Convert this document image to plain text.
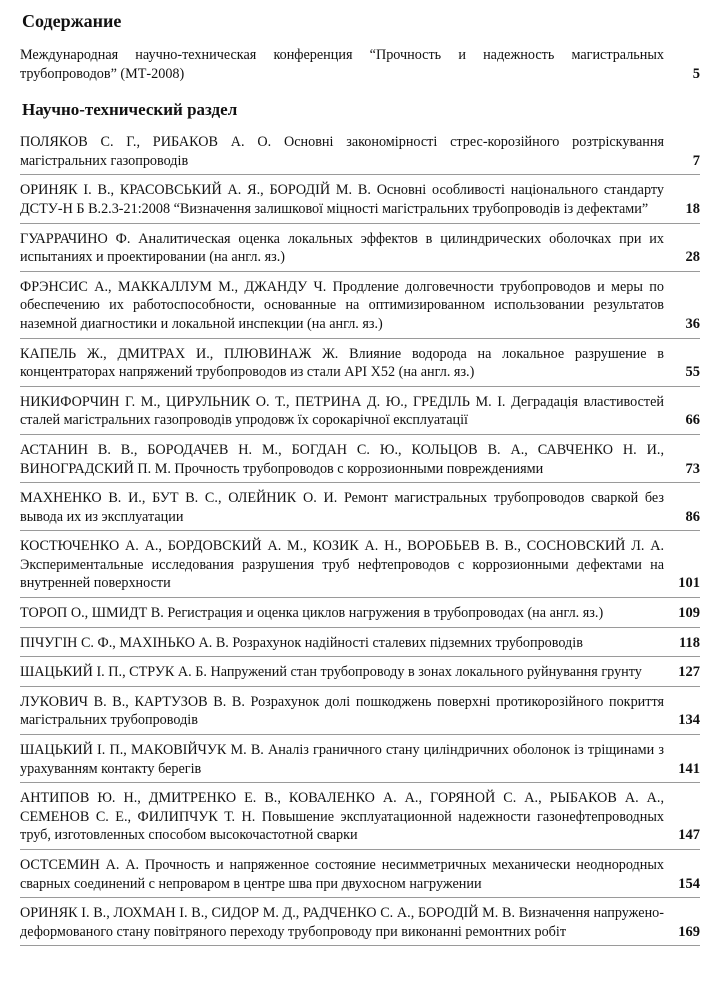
Содержание
Международная научно-техническая конференция “Прочность и надежность магистральных трубопроводов” (МТ-2008)	5
Научно-технический раздел
ПОЛЯКОВ С. Г., РИБАКОВ А. О. Основні закономірності стрес-корозійного розтріскування магістральних газопроводів	7
ОРИНЯК І. В., КРАСОВСЬКИЙ А. Я., БОРОДІЙ М. В. Основні особливості національного стандарту ДСТУ-Н Б В.2.3-21:2008 “Визначення залишкової міцності магістральних трубопроводів із дефектами”	18
ГУАРРАЧИНО Ф. Аналитическая оценка локальных эффектов в цилиндрических оболочках при их испытаниях и проектировании (на англ. яз.)	28
ФРЭНСИС А., МАККАЛЛУМ М., ДЖАНДУ Ч. Продление долговечности трубопроводов и меры по обеспечению их работоспособности, основанные на оптимизированном использовании результатов наземной диагностики и локальной инспекции (на англ. яз.)	36
КАПЕЛЬ Ж., ДМИТРАХ И., ПЛЮВИНАЖ Ж. Влияние водорода на локальное разрушение в концентраторах напряжений трубопроводов из стали API X52 (на англ. яз.)	55
НИКИФОРЧИН Г. М., ЦИРУЛЬНИК О. Т., ПЕТРИНА Д. Ю., ГРЕДІЛЬ М. І. Деградація властивостей сталей магістральних газопроводів упродовж їх сорокарічної експлуатації	66
АСТАНИН В. В., БОРОДАЧЕВ Н. М., БОГДАН С. Ю., КОЛЬЦОВ В. А., САВЧЕНКО Н. И., ВИНОГРАДСКИЙ П. М. Прочность трубопроводов с коррозионными повреждениями	73
МАХНЕНКО В. И., БУТ В. С., ОЛЕЙНИК О. И. Ремонт магистральных трубопроводов сваркой без вывода их из эксплуатации	86
КОСТЮЧЕНКО А. А., БОРДОВСКИЙ А. М., КОЗИК А. Н., ВОРОБЬЕВ В. В., СОСНОВСКИЙ Л. А. Экспериментальные исследования разрушения труб нефтепроводов с коррозионными дефектами на внутренней поверхности	101
ТОРОП О., ШМИДТ В. Регистрация и оценка циклов нагружения в трубопроводах (на англ. яз.)	109
ПІЧУГІН С. Ф., МАХІНЬКО А. В. Розрахунок надійності сталевих підземних трубопроводів	118
ШАЦЬКИЙ І. П., СТРУК А. Б. Напружений стан трубопроводу в зонах локального руйнування грунту	127
ЛУКОВИЧ В. В., КАРТУЗОВ В. В. Розрахунок долі пошкоджень поверхні протикорозійного покриття магістральних трубопроводів	134
ШАЦЬКИЙ І. П., МАКОВІЙЧУК М. В. Аналіз граничного стану циліндричних оболонок із тріщинами з урахуванням контакту берегів	141
АНТИПОВ Ю. Н., ДМИТРЕНКО Е. В., КОВАЛЕНКО А. А., ГОРЯНОЙ С. А., РЫБАКОВ А. А., СЕМЕНОВ С. Е., ФИЛИПЧУК Т. Н. Повышение эксплуатационной надежности газонефтепроводных труб, изготовленных способом высокочастотной сварки	147
ОСТСЕМИН А. А. Прочность и напряженное состояние несимметричных механически неоднородных сварных соединений с непроваром в центре шва при двухосном нагружении	154
ОРИНЯК І. В., ЛОХМАН І. В., СИДОР М. Д., РАДЧЕНКО С. А., БОРОДІЙ М. В. Визначення напружено-деформованого стану повітряного переходу трубопроводу при виконанні ремонтних робіт	169
